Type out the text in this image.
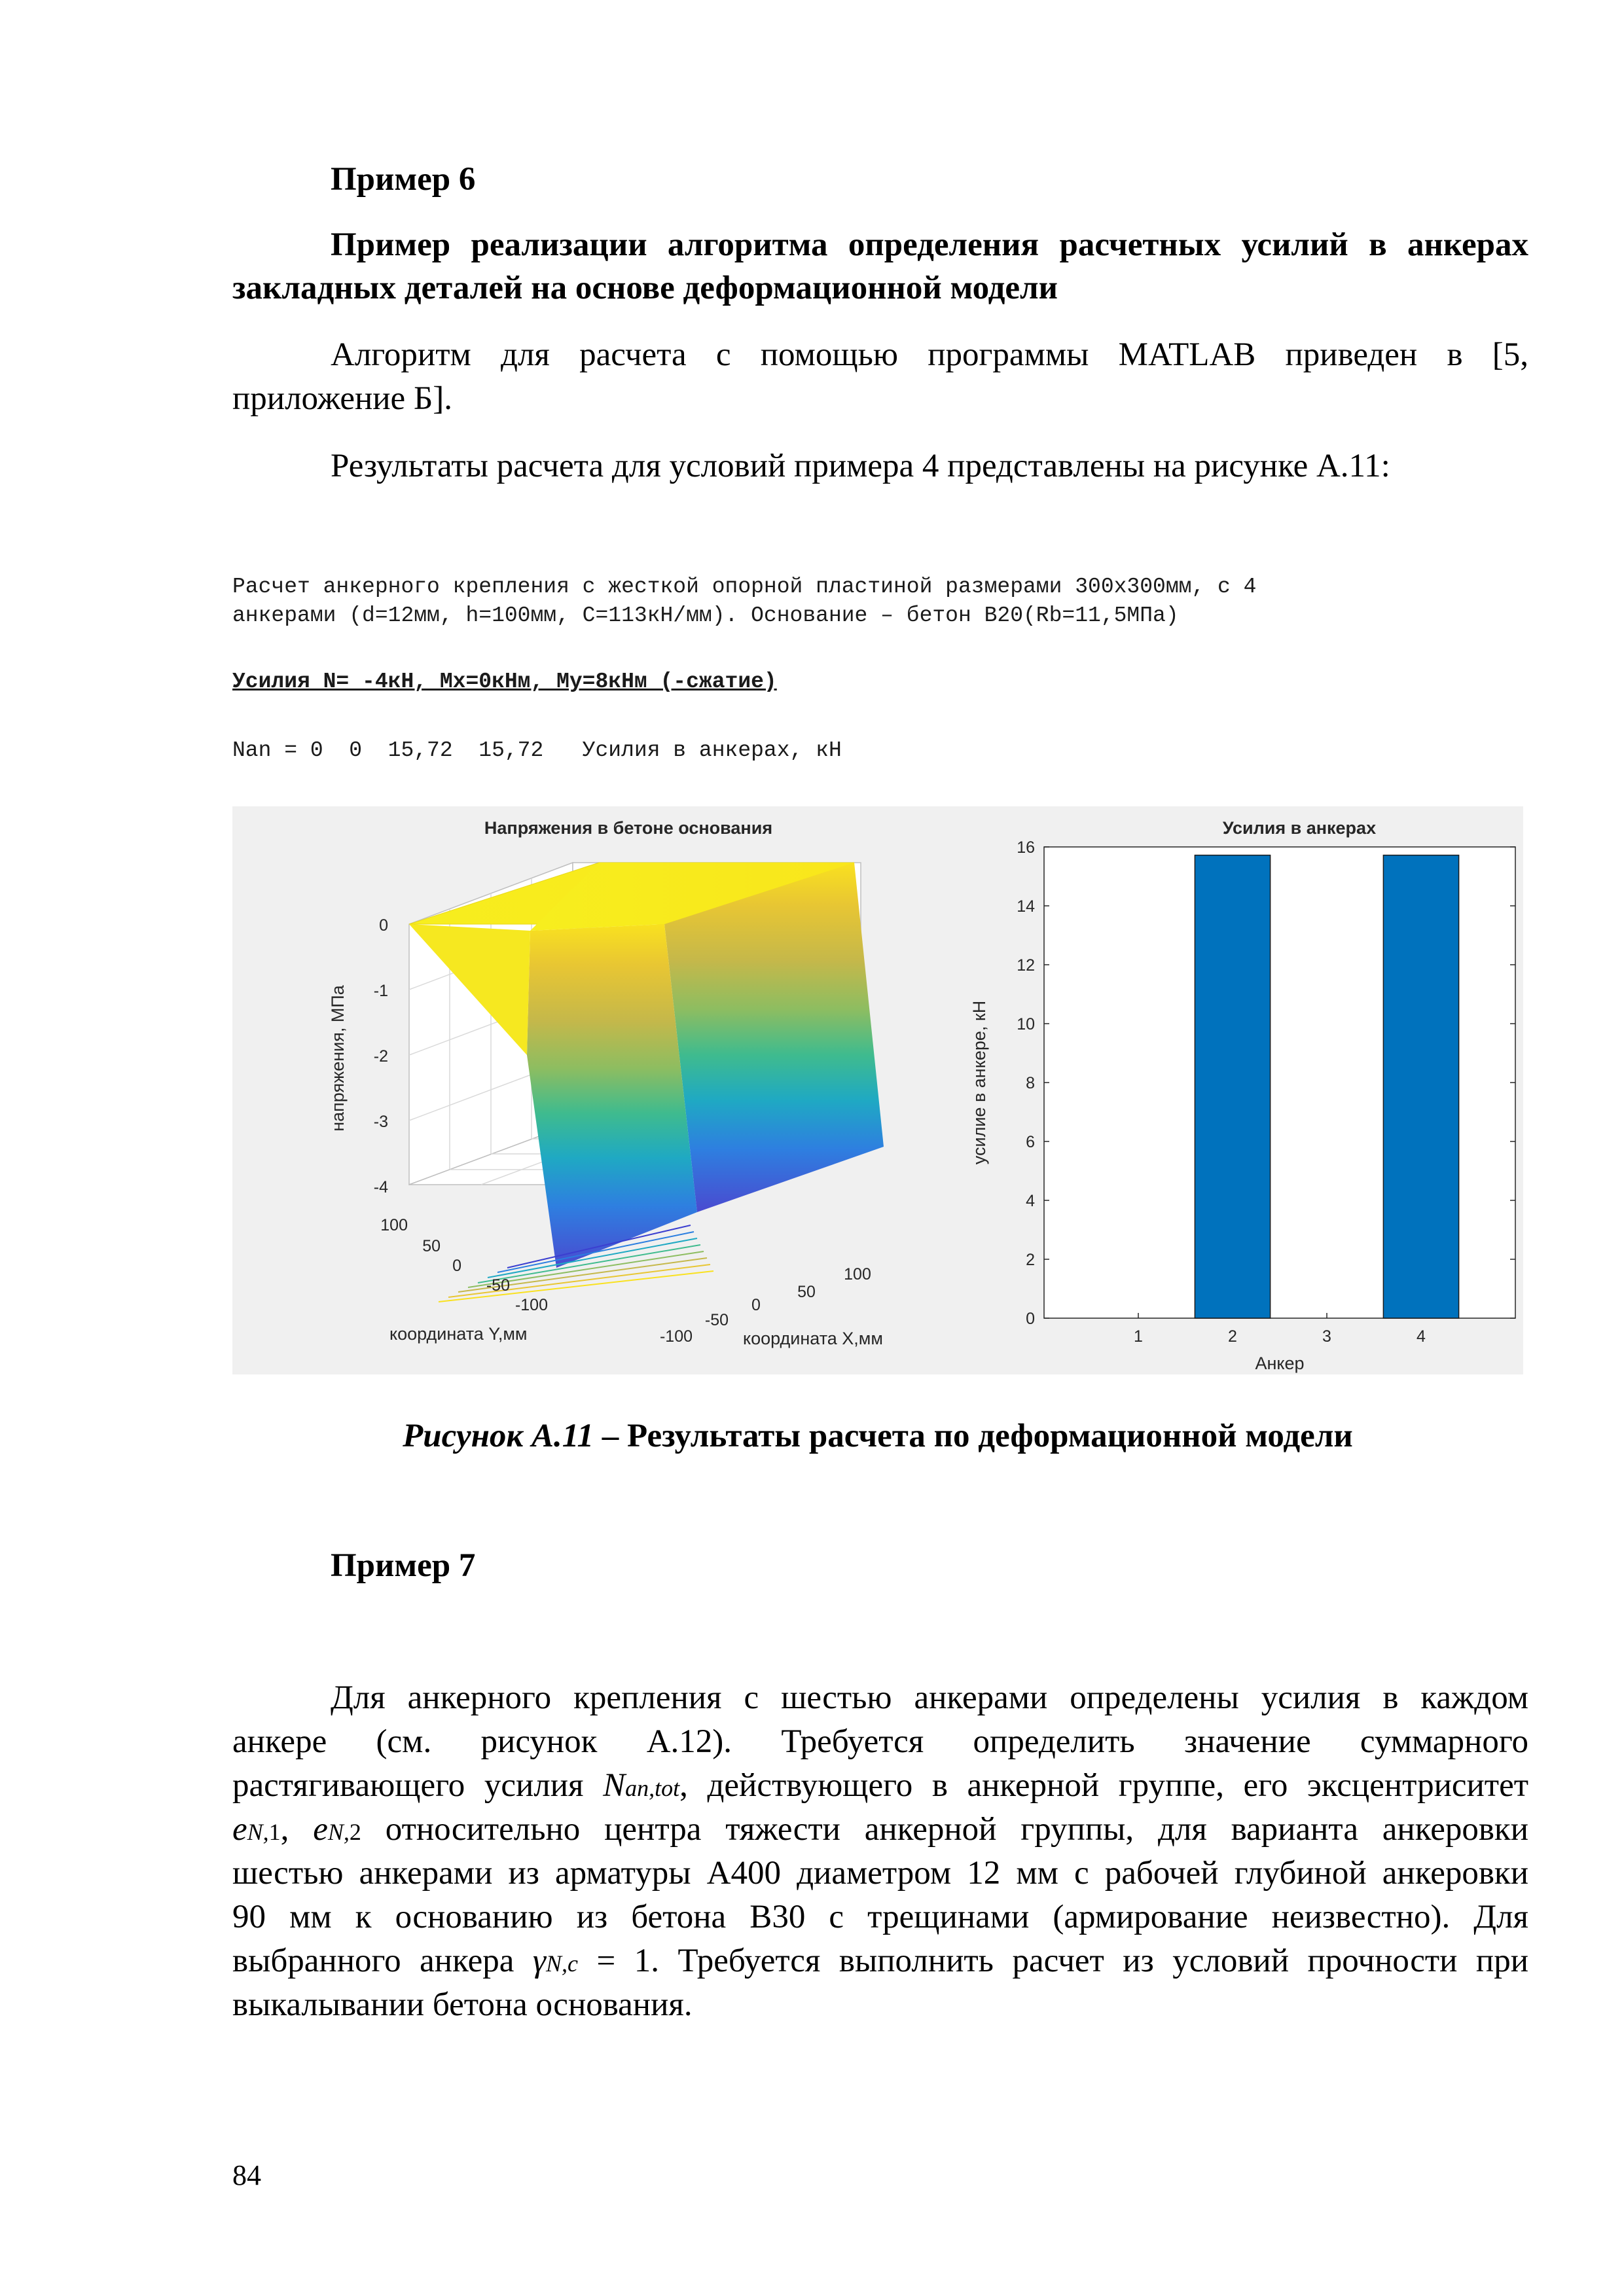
Пример 6
Пример реализации алгоритма определения расчетных усилий в анкерах
закладных деталей на основе деформационной модели
Алгоритм для расчета с помощью программы MATLAB приведен в [5,
приложение Б].
Результаты расчета для условий примера 4 представлены на рисунке А.11:
Расчет анкерного крепления с жесткой опорной пластиной размерами 300х300мм, с 4
анкерами (d=12мм, h=100мм, C=113кН/мм). Основание – бетон B20(Rb=11,5МПа)
Усилия N= -4кН, Mx=0кНм, My=8кНм (-сжатие)
Nan = 0  0  15,72  15,72   Усилия в анкерах, кН
Напряжения в бетоне основания
0
-1
-2
-3
-4
напряжения, МПа
100
50
0
-50
-100
координата Y,мм
100
50
0
-50
-100	координата X,мм
Усилия в анкерах
0
2
4
6
8
10
12
14
16
1	2	3	4
усилие в анкере, кН
Анкер
Рисунок А.11 – Результаты расчета по деформационной модели
Пример 7
Для анкерного крепления с шестью анкерами определены усилия в каждом
анкере (см. рисунок А.12). Требуется определить значение суммарного
растягивающего усилия Nan,tot, действующего в анкерной группе, его эксцентриситет
eN,1, eN,2 относительно центра тяжести анкерной группы, для варианта анкеровки
шестью анкерами из арматуры А400 диаметром 12 мм с рабочей глубиной анкеровки
90 мм к основанию из бетона В30 с трещинами (армирование неизвестно). Для
выбранного анкера γN,c = 1. Требуется выполнить расчет из условий прочности при
выкалывании бетона основания.
84
